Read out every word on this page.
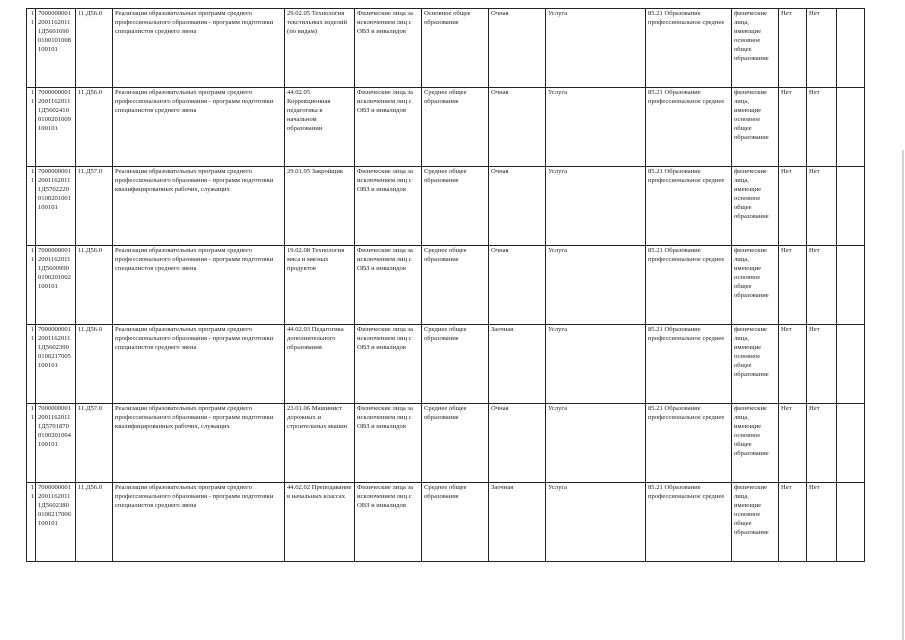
11	7000000001
2001162011
1Д5601690
0100101008
100101	11.Д56.0	Реализация образовательных программ среднего профессионального образования - программ подготовки специалистов среднего звена	29.02.05 Технология текстильных изделий (по видам)	Физические лица за исключением лиц с ОВЗ и инвалидов	Основное общее образование	Очная	Услуга	85.21 Образование профессиональное среднее	физические лица, имеющие основное общее образование	Нет	Нет	
11	7000000001
2001162011
1Д5602410
0100201009
100101	11.Д56.0	Реализация образовательных программ среднего профессионального образования - программ подготовки специалистов среднего звена	44.02.05 Коррекционная педагогика в начальном образовании	Физические лица за исключением лиц с ОВЗ и инвалидов	Среднее общее образование	Очная	Услуга	85.21 Образование профессиональное среднее	физические лица, имеющие основное общее образование	Нет	Нет	
11	7000000001
2001162011
1Д5702220
0100201001
100101	11.Д57.0	Реализация образовательных программ среднего профессионального образования - программ подготовки квалифицированных рабочих, служащих	29.01.05 Закройщик	Физические лица за исключением лиц с ОВЗ и инвалидов	Среднее общее образование	Очная	Услуга	85.21 Образование профессиональное среднее	физические лица, имеющие основное общее образование	Нет	Нет	
11	7000000001
2001162011
1Д5600990
0100201002
100101	11.Д56.0	Реализация образовательных программ среднего профессионального образования - программ подготовки специалистов среднего звена	19.02.08 Технология мяса и мясных продуктов	Физические лица за исключением лиц с ОВЗ и инвалидов	Среднее общее образование	Очная	Услуга	85.21 Образование профессиональное среднее	физические лица, имеющие основное общее образование	Нет	Нет	
11	7000000001
2001162011
1Д5602390
0100217005
100101	11.Д56.0	Реализация образовательных программ среднего профессионального образования - программ подготовки специалистов среднего звена	44.02.03 Педагогика дополнительного образования	Физические лица за исключением лиц с ОВЗ и инвалидов	Среднее общее образование	Заочная	Услуга	85.21 Образование профессиональное среднее	физические лица, имеющие основное общее образование	Нет	Нет	
11	7000000001
2001162011
1Д5701870
0100201004
100101	11.Д57.0	Реализация образовательных программ среднего профессионального образования - программ подготовки квалифицированных рабочих, служащих	23.01.06 Машинист дорожных и строительных машин	Физические лица за исключением лиц с ОВЗ и инвалидов	Среднее общее образование	Очная	Услуга	85.21 Образование профессиональное среднее	физические лица, имеющие основное общее образование	Нет	Нет	
11	7000000001
2001162011
1Д5602380
0100217006
100101	11.Д56.0	Реализация образовательных программ среднего профессионального образования - программ подготовки специалистов среднего звена	44.02.02 Преподавание в начальных классах	Физические лица за исключением лиц с ОВЗ и инвалидов	Среднее общее образование	Заочная	Услуга	85.21 Образование профессиональное среднее	физические лица, имеющие основное общее образование	Нет	Нет	
